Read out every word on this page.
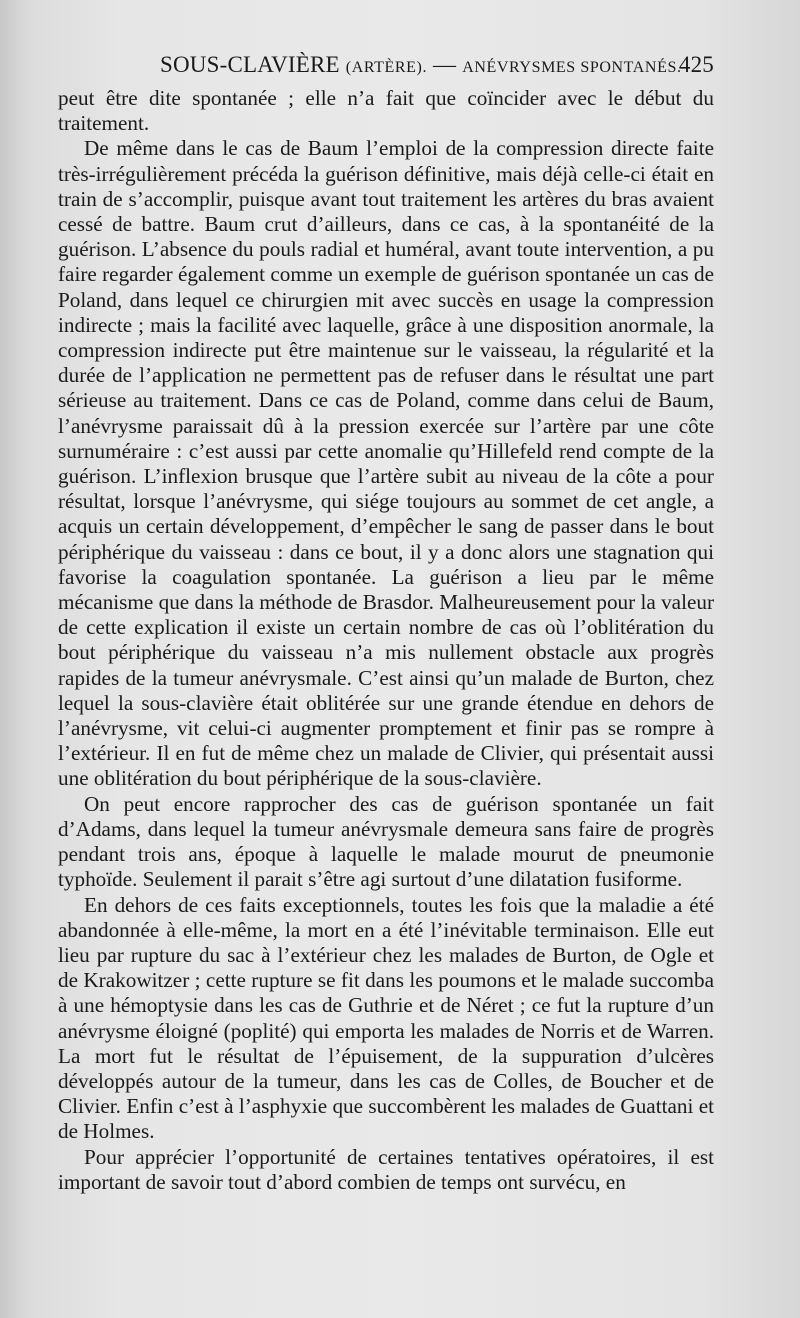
SOUS-CLAVIÈRE (ARTÈRE). — ANÉVRYSMES SPONTANÉS.
425

peut être dite spontanée ; elle n’a fait que coïncider avec le début du traitement.

De même dans le cas de Baum l’emploi de la compression directe faite très-irrégulièrement précéda la guérison définitive, mais déjà celle-ci était en train de s’accomplir, puisque avant tout traitement les artères du bras avaient cessé de battre. Baum crut d’ailleurs, dans ce cas, à la spontanéité de la guérison. L’absence du pouls radial et huméral, avant toute intervention, a pu faire regarder également comme un exemple de guérison spontanée un cas de Poland, dans lequel ce chirurgien mit avec succès en usage la compression indirecte ; mais la facilité avec laquelle, grâce à une disposition anormale, la compression indirecte put être maintenue sur le vaisseau, la régularité et la durée de l’application ne permettent pas de refuser dans le résultat une part sérieuse au traitement. Dans ce cas de Poland, comme dans celui de Baum, l’anévrysme paraissait dû à la pression exercée sur l’artère par une côte surnuméraire : c’est aussi par cette anomalie qu’Hillefeld rend compte de la guérison. L’inflexion brusque que l’artère subit au niveau de la côte a pour résultat, lorsque l’anévrysme, qui siége toujours au sommet de cet angle, a acquis un certain développement, d’empêcher le sang de passer dans le bout périphérique du vaisseau : dans ce bout, il y a donc alors une stagnation qui favorise la coagulation spontanée. La guérison a lieu par le même mécanisme que dans la méthode de Brasdor. Malheureusement pour la valeur de cette explication il existe un certain nombre de cas où l’oblitération du bout périphérique du vaisseau n’a mis nullement obstacle aux progrès rapides de la tumeur anévrysmale. C’est ainsi qu’un malade de Burton, chez lequel la sous-clavière était oblitérée sur une grande étendue en dehors de l’anévrysme, vit celui-ci augmenter promptement et finir pas se rompre à l’extérieur. Il en fut de même chez un malade de Clivier, qui présentait aussi une oblitération du bout périphérique de la sous-clavière.

On peut encore rapprocher des cas de guérison spontanée un fait d’Adams, dans lequel la tumeur anévrysmale demeura sans faire de progrès pendant trois ans, époque à laquelle le malade mourut de pneumonie typhoïde. Seulement il parait s’être agi surtout d’une dilatation fusiforme.

En dehors de ces faits exceptionnels, toutes les fois que la maladie a été abandonnée à elle-même, la mort en a été l’inévitable terminaison. Elle eut lieu par rupture du sac à l’extérieur chez les malades de Burton, de Ogle et de Krakowitzer ; cette rupture se fit dans les poumons et le malade succomba à une hémoptysie dans les cas de Guthrie et de Néret ; ce fut la rupture d’un anévrysme éloigné (poplité) qui emporta les malades de Norris et de Warren. La mort fut le résultat de l’épuisement, de la suppuration d’ulcères développés autour de la tumeur, dans les cas de Colles, de Boucher et de Clivier. Enfin c’est à l’asphyxie que succombèrent les malades de Guattani et de Holmes.

Pour apprécier l’opportunité de certaines tentatives opératoires, il est important de savoir tout d’abord combien de temps ont survécu, en
